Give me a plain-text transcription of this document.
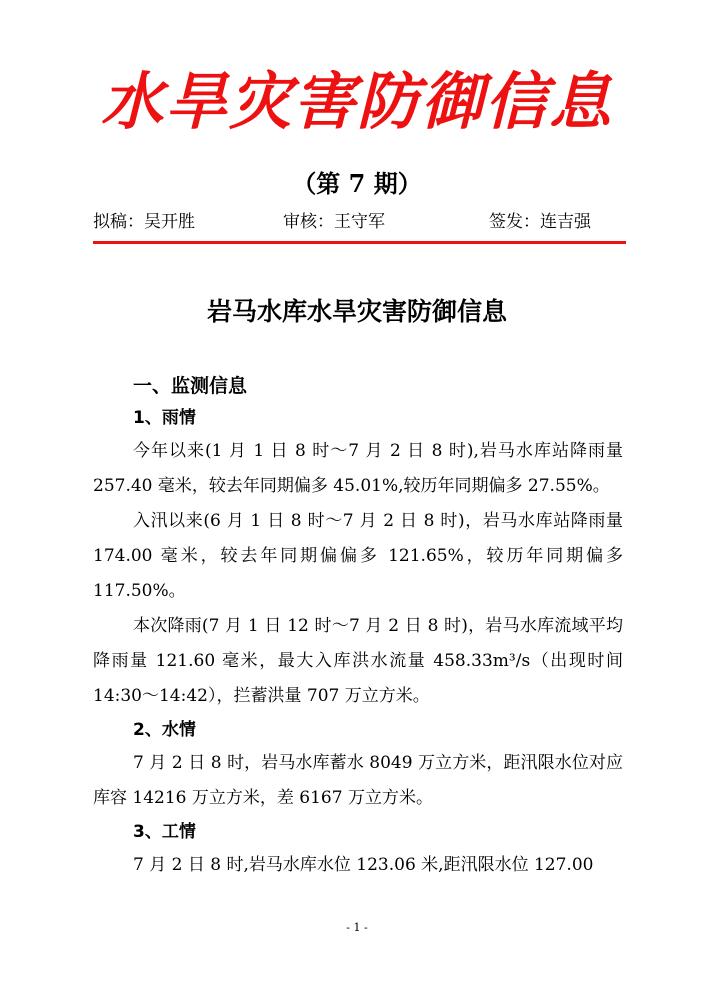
水旱灾害防御信息
（第 7 期）
拟稿：吴开胜	审核：王守军	签发：连吉强
岩马水库水旱灾害防御信息
一、监测信息
1、雨情

今年以来(1 月 1 日 8 时～7 月 2 日 8 时),岩马水库站降雨量 257.40 毫米，较去年同期偏多 45.01%,较历年同期偏多 27.55%。

入汛以来(6 月 1 日 8 时～7 月 2 日 8 时)，岩马水库站降雨量 174.00 毫米，较去年同期偏偏多 121.65%，较历年同期偏多 117.50%。

本次降雨(7 月 1 日 12 时～7 月 2 日 8 时)，岩马水库流域平均降雨量 121.60 毫米，最大入库洪水流量 458.33m³/s（出现时间 14:30～14:42），拦蓄洪量 707 万立方米。

2、水情

7 月 2 日 8 时，岩马水库蓄水 8049 万立方米，距汛限水位对应库容 14216 万立方米，差 6167 万立方米。

3、工情

7 月 2 日 8 时,岩马水库水位 123.06 米,距汛限水位 127.00

- 1 -
